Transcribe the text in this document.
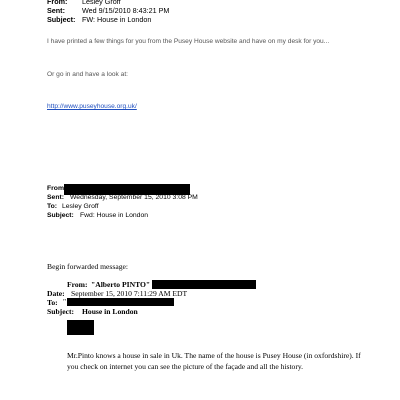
From: Lesley Groff
Sent: Wed 9/15/2010 8:43:21 PM
Subject: FW: House in London
I have printed a few things for you from the Pusey House website and have on my desk for you...
Or go in and have a look at:
http://www.puseyhouse.org.uk/
From
Sent: Wednesday, September 15, 2010 3:08 PM
To: Lesley Groff
Subject: Fwd: House in London
Begin forwarded message:
From: "Alberto PINTO"
Date: September 15, 2010 7:11:29 AM EDT
To: "
Subject: House in London
Mr.Pinto knows a house in sale in Uk. The name of the house is Pusey House (in oxfordshire). If you check on internet you can see the picture of the façade and all the history.
